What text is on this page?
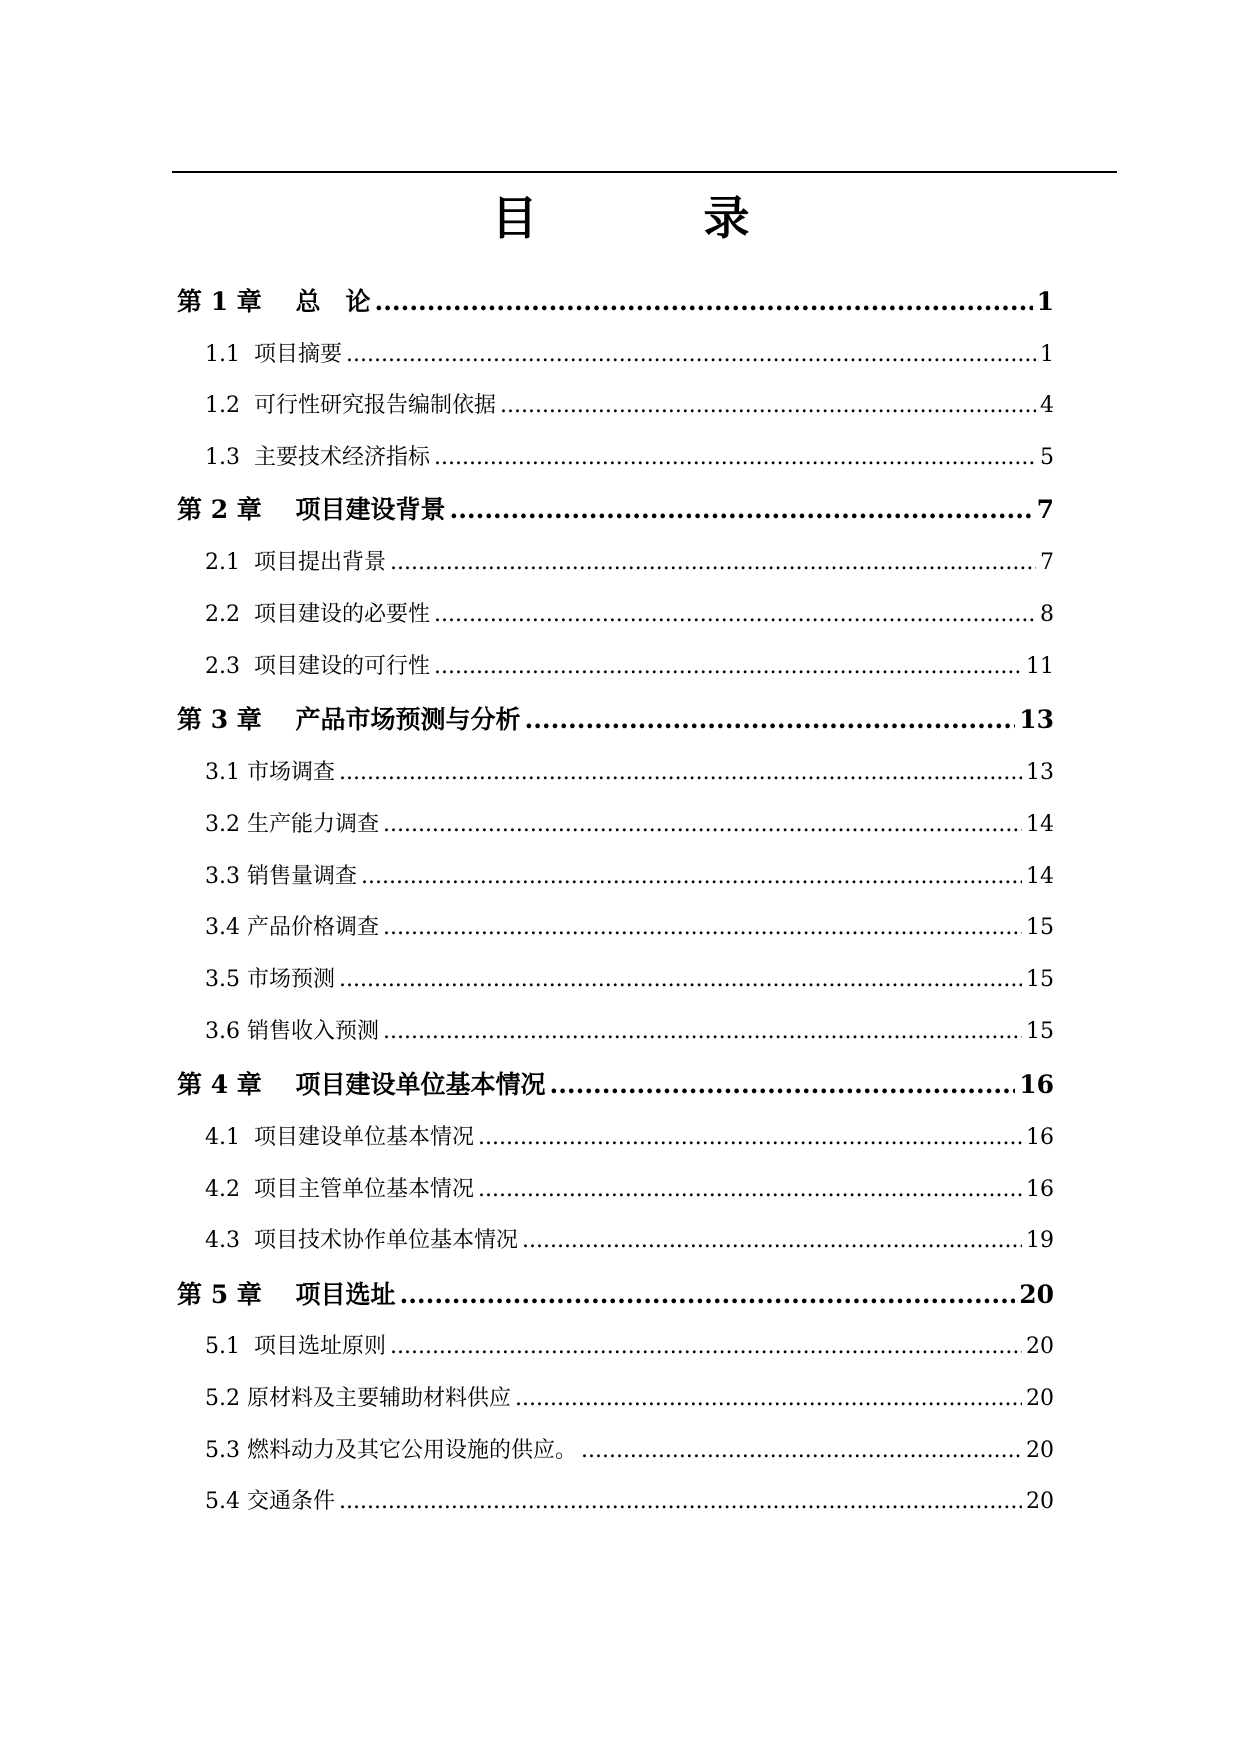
目　录
第 1 章　 总　论 .....	1
1.1  项目摘要 .....	1
1.2  可行性研究报告编制依据 .....	4
1.3  主要技术经济指标 .....	5
第 2 章　 项目建设背景 .....	7
2.1  项目提出背景 .....	7
2.2  项目建设的必要性 .....	8
2.3  项目建设的可行性 .....	11
第 3 章　 产品市场预测与分析 .....	13
3.1 市场调查 .....	13
3.2 生产能力调查 .....	14
3.3 销售量调查 .....	14
3.4 产品价格调查 .....	15
3.5 市场预测 .....	15
3.6 销售收入预测 .....	15
第 4 章　 项目建设单位基本情况 .....	16
4.1  项目建设单位基本情况 .....	16
4.2  项目主管单位基本情况 .....	16
4.3  项目技术协作单位基本情况 .....	19
第 5 章　 项目选址 .....	20
5.1  项目选址原则 .....	20
5.2 原材料及主要辅助材料供应 .....	20
5.3 燃料动力及其它公用设施的供应。 .....	20
5.4 交通条件 .....	20
